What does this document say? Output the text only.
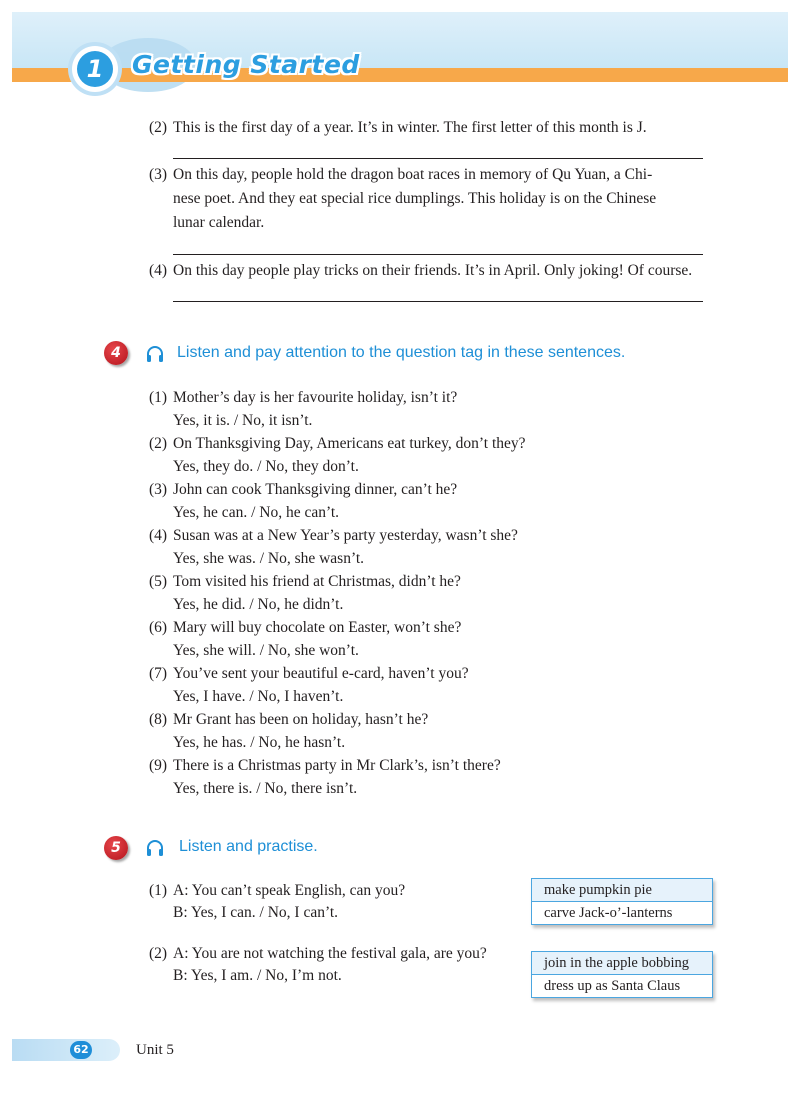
1	Getting Started
(2) This is the first day of a year. It’s in winter. The first letter of this month is J.
(3) On this day, people hold the dragon boat races in memory of Qu Yuan, a Chi-
nese poet. And they eat special rice dumplings. This holiday is on the Chinese
lunar calendar.
(4) On this day people play tricks on their friends. It’s in April. Only joking! Of course.
4	Listen and pay attention to the question tag in these sentences.
(1) Mother’s day is her favourite holiday, isn’t it?
Yes, it is. / No, it isn’t.
(2) On Thanksgiving Day, Americans eat turkey, don’t they?
Yes, they do. / No, they don’t.
(3) John can cook Thanksgiving dinner, can’t he?
Yes, he can. / No, he can’t.
(4) Susan was at a New Year’s party yesterday, wasn’t she?
Yes, she was. / No, she wasn’t.
(5) Tom visited his friend at Christmas, didn’t he?
Yes, he did. / No, he didn’t.
(6) Mary will buy chocolate on Easter, won’t she?
Yes, she will. / No, she won’t.
(7) You’ve sent your beautiful e-card, haven’t you?
Yes, I have. / No, I haven’t.
(8) Mr Grant has been on holiday, hasn’t he?
Yes, he has. / No, he hasn’t.
(9) There is a Christmas party in Mr Clark’s, isn’t there?
Yes, there is. / No, there isn’t.
5	Listen and practise.
(1) A: You can’t speak English, can you?
B: Yes, I can. / No, I can’t.
make pumpkin pie
carve Jack-o’-lanterns
(2) A: You are not watching the festival gala, are you?
B: Yes, I am. / No, I’m not.
join in the apple bobbing
dress up as Santa Claus
62	Unit 5
